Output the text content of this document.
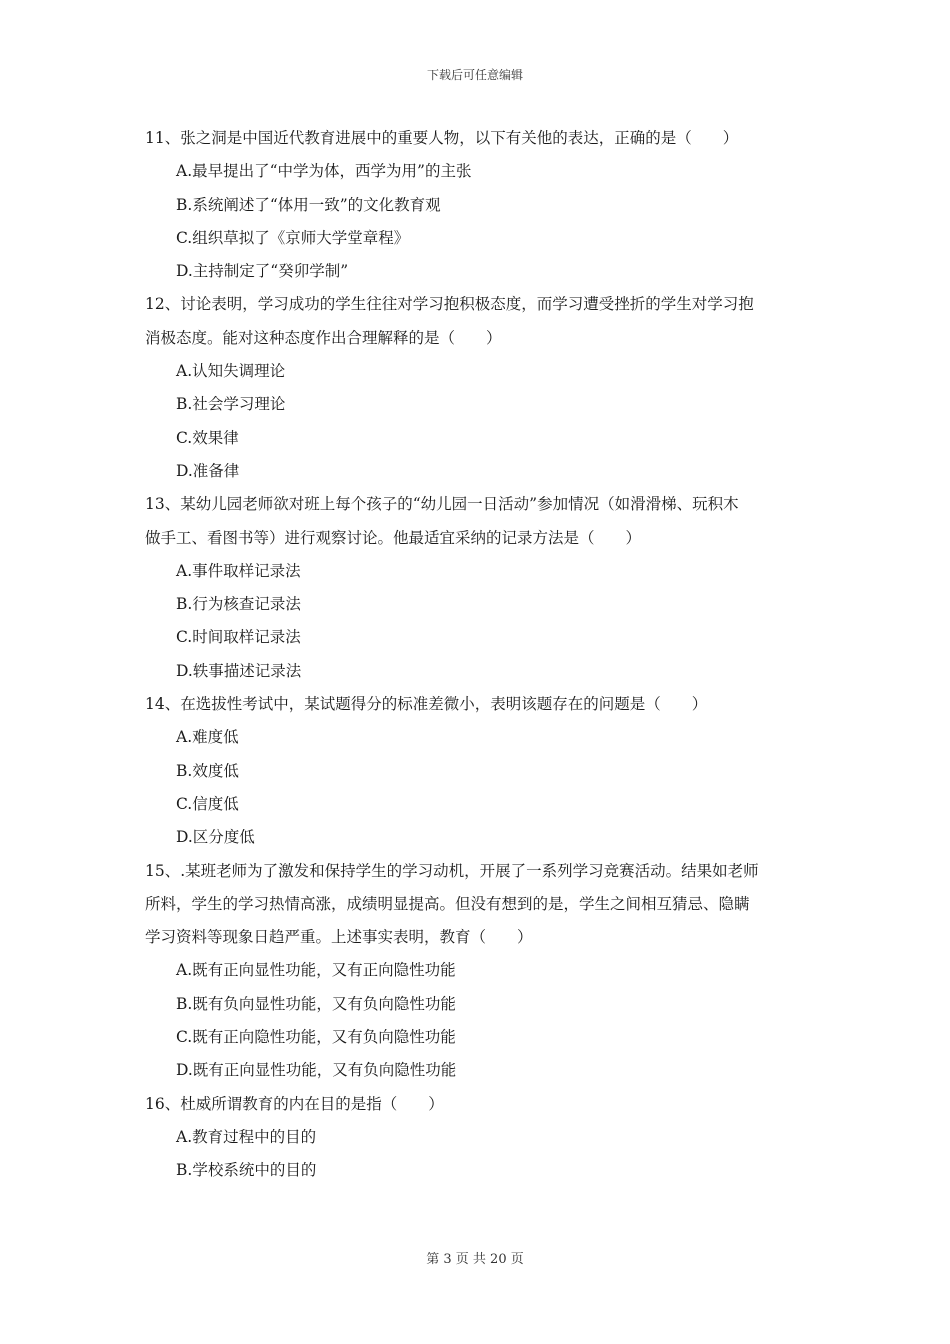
下载后可任意编辑
11、张之洞是中国近代教育进展中的重要人物，以下有关他的表达，正确的是（　　）
A.最早提出了“中学为体，西学为用”的主张
B.系统阐述了“体用一致”的文化教育观
C.组织草拟了《京师大学堂章程》
D.主持制定了“癸卯学制”
12、讨论表明，学习成功的学生往往对学习抱积极态度，而学习遭受挫折的学生对学习抱
消极态度。能对这种态度作出合理解释的是（　　）
A.认知失调理论
B.社会学习理论
C.效果律
D.准备律
13、某幼儿园老师欲对班上每个孩子的“幼儿园一日活动”参加情况（如滑滑梯、玩积木
做手工、看图书等）进行观察讨论。他最适宜采纳的记录方法是（　　）
A.事件取样记录法
B.行为核查记录法
C.时间取样记录法
D.轶事描述记录法
14、在选拔性考试中，某试题得分的标准差微小，表明该题存在的问题是（　　）
A.难度低
B.效度低
C.信度低
D.区分度低
15、.某班老师为了激发和保持学生的学习动机，开展了一系列学习竞赛活动。结果如老师
所料，学生的学习热情高涨，成绩明显提高。但没有想到的是，学生之间相互猜忌、隐瞒
学习资料等现象日趋严重。上述事实表明，教育（　　）
A.既有正向显性功能，又有正向隐性功能
B.既有负向显性功能，又有负向隐性功能
C.既有正向隐性功能，又有负向隐性功能
D.既有正向显性功能，又有负向隐性功能
16、杜威所谓教育的内在目的是指（　　）
A.教育过程中的目的
B.学校系统中的目的
第 3 页 共 20 页
